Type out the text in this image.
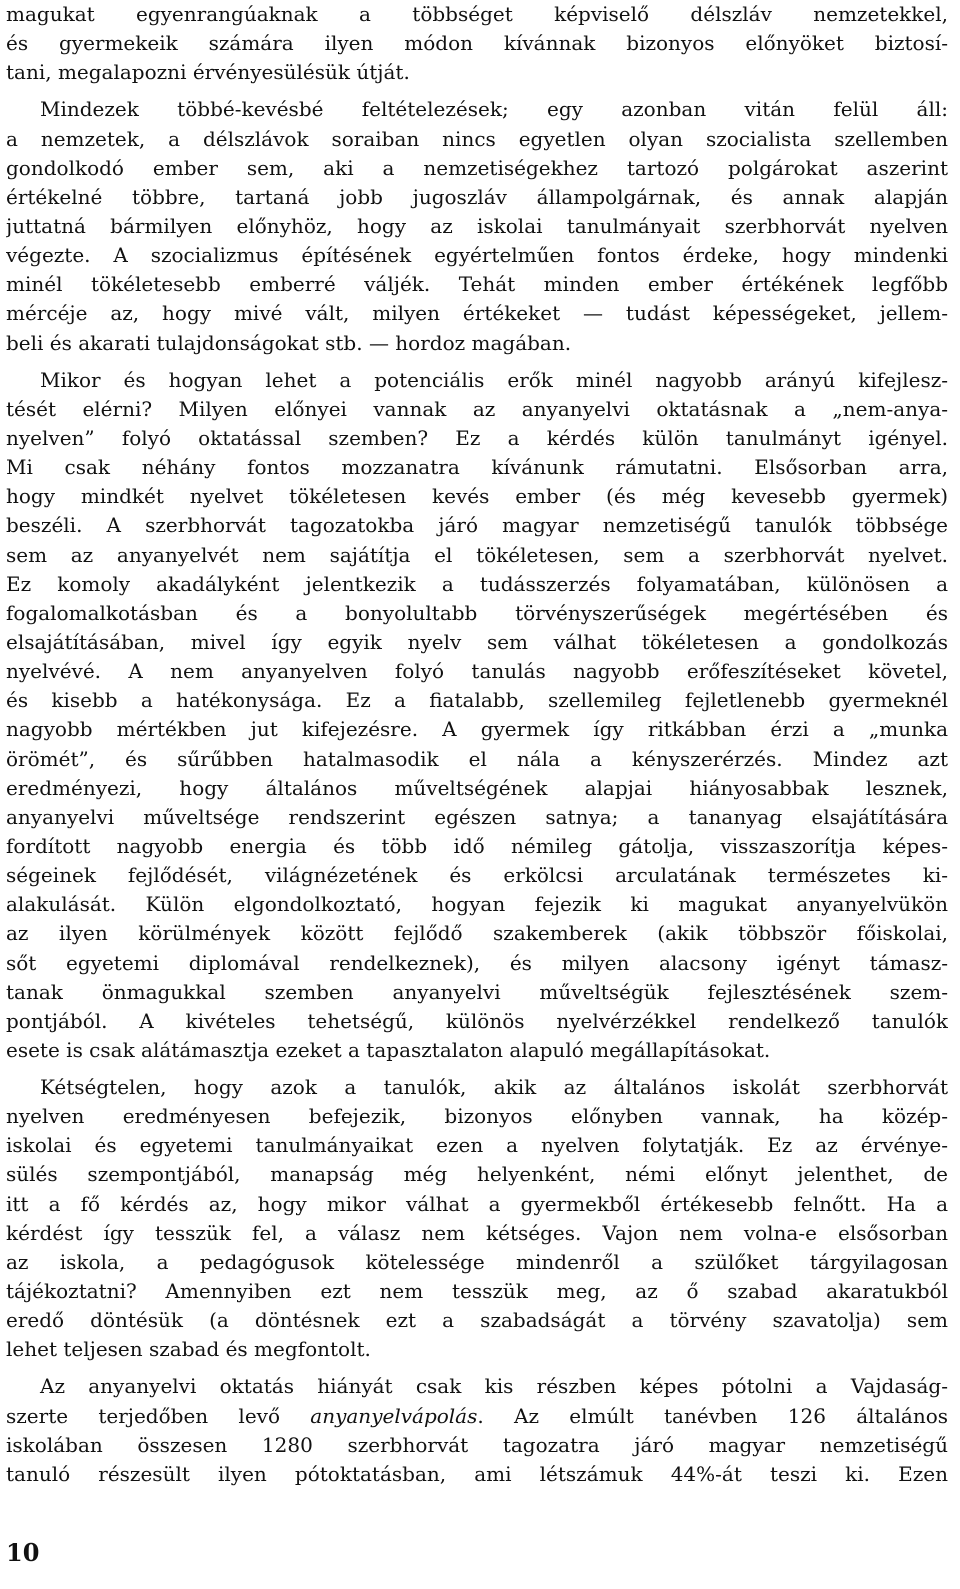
magukat egyenrangúaknak a többséget képviselő délszláv nemzetekkel,
és gyermekeik számára ilyen módon kívánnak bizonyos előnyöket biztosí-
tani, megalapozni érvényesülésük útját.
Mindezek többé-kevésbé feltételezések; egy azonban vitán felül áll:
a nemzetek, a délszlávok soraiban nincs egyetlen olyan szocialista szellemben
gondolkodó ember sem, aki a nemzetiségekhez tartozó polgárokat aszerint
értékelné többre, tartaná jobb jugoszláv állampolgárnak, és annak alapján
juttatná bármilyen előnyhöz, hogy az iskolai tanulmányait szerbhorvát nyelven
végezte. A szocializmus építésének egyértelműen fontos érdeke, hogy mindenki
minél tökéletesebb emberré váljék. Tehát minden ember értékének legfőbb
mércéje az, hogy mivé vált, milyen értékeket — tudást képességeket, jellem-
beli és akarati tulajdonságokat stb. — hordoz magában.
Mikor és hogyan lehet a potenciális erők minél nagyobb arányú kifejlesz-
tését elérni? Milyen előnyei vannak az anyanyelvi oktatásnak a „nem-anya-
nyelven” folyó oktatással szemben? Ez a kérdés külön tanulmányt igényel.
Mi csak néhány fontos mozzanatra kívánunk rámutatni. Elsősorban arra,
hogy mindkét nyelvet tökéletesen kevés ember (és még kevesebb gyermek)
beszéli. A szerbhorvát tagozatokba járó magyar nemzetiségű tanulók többsége
sem az anyanyelvét nem sajátítja el tökéletesen, sem a szerbhorvát nyelvet.
Ez komoly akadályként jelentkezik a tudásszerzés folyamatában, különösen a
fogalomalkotásban és a bonyolultabb törvényszerűségek megértésében és
elsajátításában, mivel így egyik nyelv sem válhat tökéletesen a gondolkozás
nyelvévé. A nem anyanyelven folyó tanulás nagyobb erőfeszítéseket követel,
és kisebb a hatékonysága. Ez a fiatalabb, szellemileg fejletlenebb gyermeknél
nagyobb mértékben jut kifejezésre. A gyermek így ritkábban érzi a „munka
örömét”, és sűrűbben hatalmasodik el nála a kényszerérzés. Mindez azt
eredményezi, hogy általános műveltségének alapjai hiányosabbak lesznek,
anyanyelvi műveltsége rendszerint egészen satnya; a tananyag elsajátítására
fordított nagyobb energia és több idő némileg gátolja, visszaszorítja képes-
ségeinek fejlődését, világnézetének és erkölcsi arculatának természetes ki-
alakulását. Külön elgondolkoztató, hogyan fejezik ki magukat anyanyelvükön
az ilyen körülmények között fejlődő szakemberek (akik többször főiskolai,
sőt egyetemi diplomával rendelkeznek), és milyen alacsony igényt támasz-
tanak önmagukkal szemben anyanyelvi műveltségük fejlesztésének szem-
pontjából. A kivételes tehetségű, különös nyelvérzékkel rendelkező tanulók
esete is csak alátámasztja ezeket a tapasztalaton alapuló megállapításokat.
Kétségtelen, hogy azok a tanulók, akik az általános iskolát szerbhorvát
nyelven eredményesen befejezik, bizonyos előnyben vannak, ha közép-
iskolai és egyetemi tanulmányaikat ezen a nyelven folytatják. Ez az érvénye-
sülés szempontjából, manapság még helyenként, némi előnyt jelenthet, de
itt a fő kérdés az, hogy mikor válhat a gyermekből értékesebb felnőtt. Ha a
kérdést így tesszük fel, a válasz nem kétséges. Vajon nem volna-e elsősorban
az iskola, a pedagógusok kötelessége mindenről a szülőket tárgyilagosan
tájékoztatni? Amennyiben ezt nem tesszük meg, az ő szabad akaratukból
eredő döntésük (a döntésnek ezt a szabadságát a törvény szavatolja) sem
lehet teljesen szabad és megfontolt.
Az anyanyelvi oktatás hiányát csak kis részben képes pótolni a Vajdaság-
szerte terjedőben levő anyanyelvápolás. Az elmúlt tanévben 126 általános
iskolában összesen 1280 szerbhorvát tagozatra járó magyar nemzetiségű
tanuló részesült ilyen pótoktatásban, ami létszámuk 44%-át teszi ki. Ezen
10
